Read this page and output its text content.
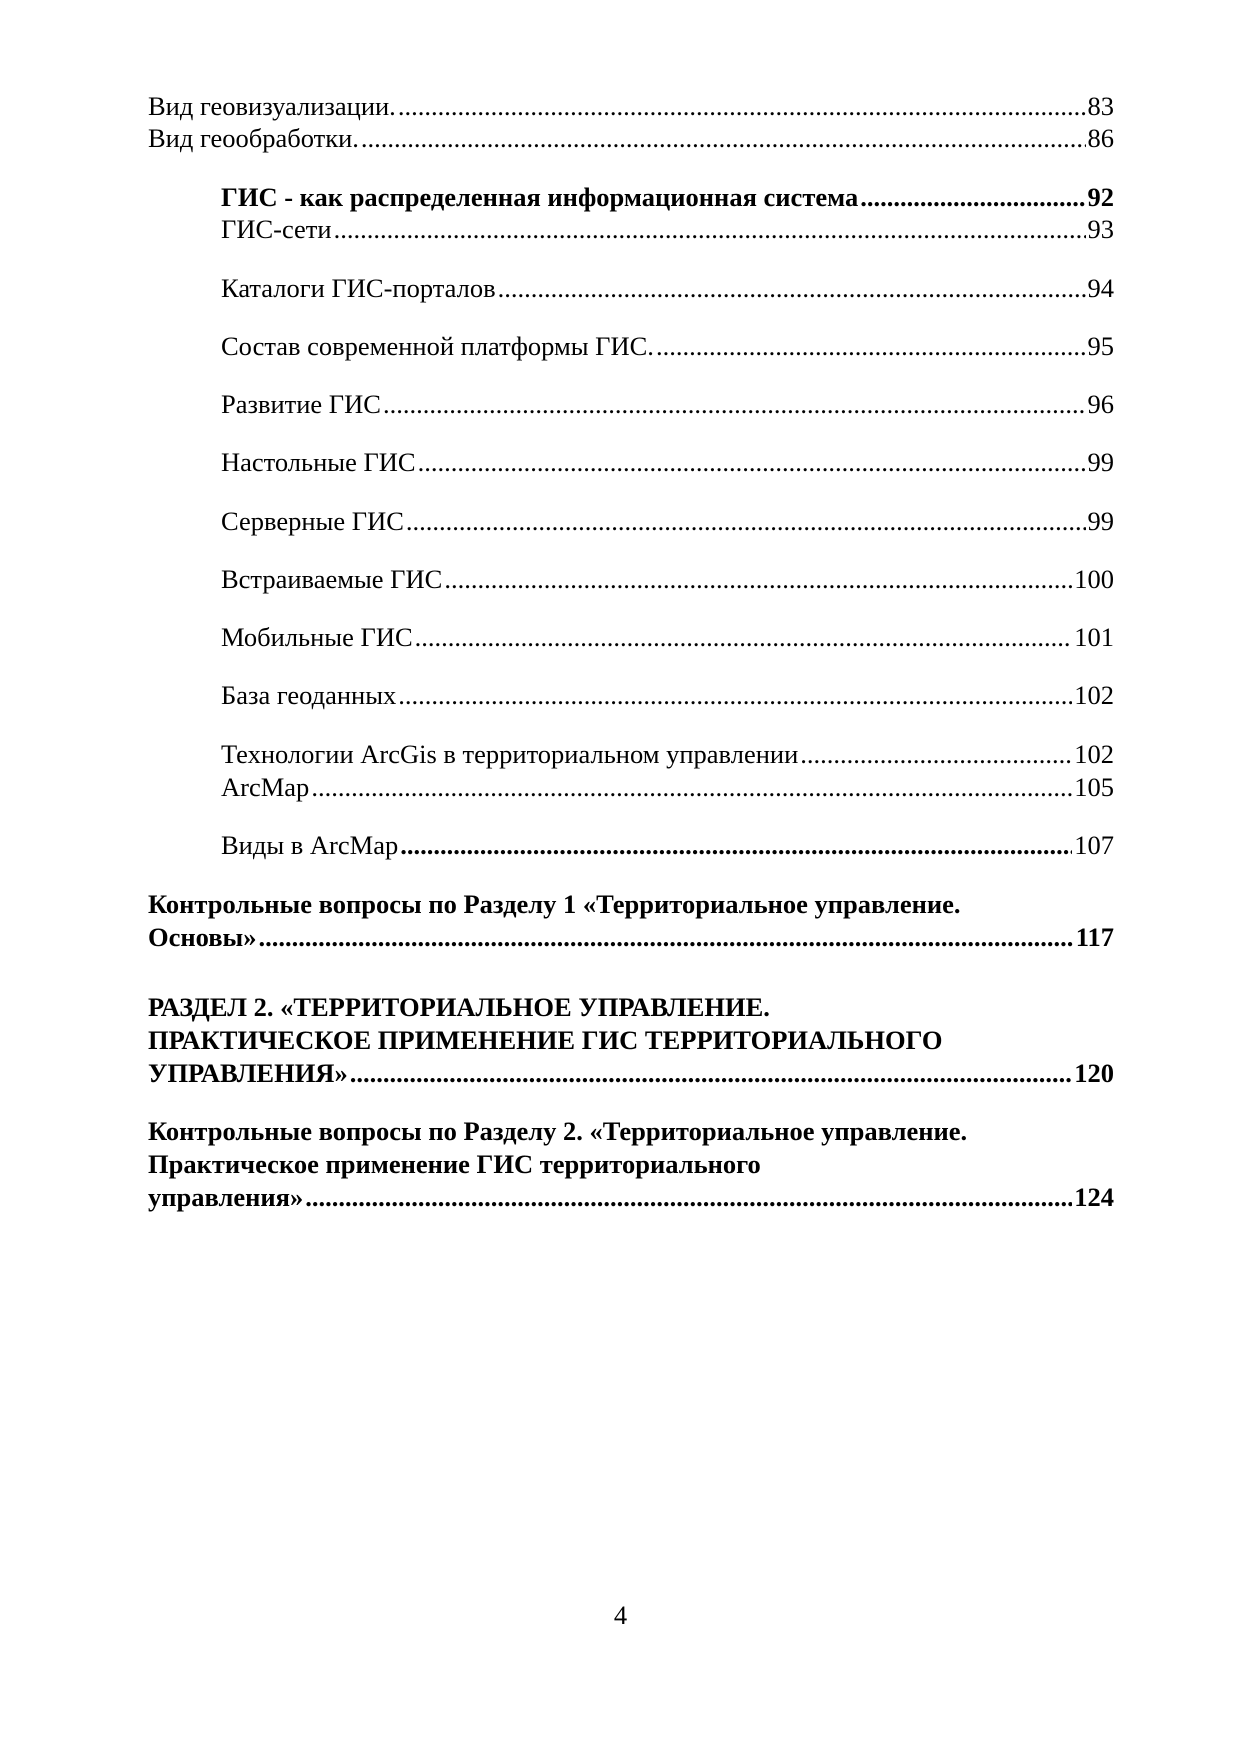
Вид геовизуализации. .....	83
Вид геообработки. .....	86
ГИС - как распределенная информационная система .....	92
ГИС-сети .....	93
Каталоги ГИС-порталов .....	94
Состав современной платформы ГИС. .....	95
Развитие ГИС .....	96
Настольные ГИС .....	99
Серверные ГИС .....	99
Встраиваемые ГИС .....	100
Мобильные ГИС .....	101
База геоданных .....	102
Технологии ArcGis в территориальном управлении .....	102
ArcMap .....	105
Виды в ArcMap .....	107
Контрольные вопросы по Разделу 1 «Территориальное управление.
Основы» .....	117
РАЗДЕЛ 2. «ТЕРРИТОРИАЛЬНОЕ УПРАВЛЕНИЕ.
ПРАКТИЧЕСКОЕ ПРИМЕНЕНИЕ ГИС ТЕРРИТОРИАЛЬНОГО
УПРАВЛЕНИЯ» .....	120
Контрольные вопросы по Разделу 2. «Территориальное управление.
Практическое применение ГИС территориального
управления» .....	124
4
